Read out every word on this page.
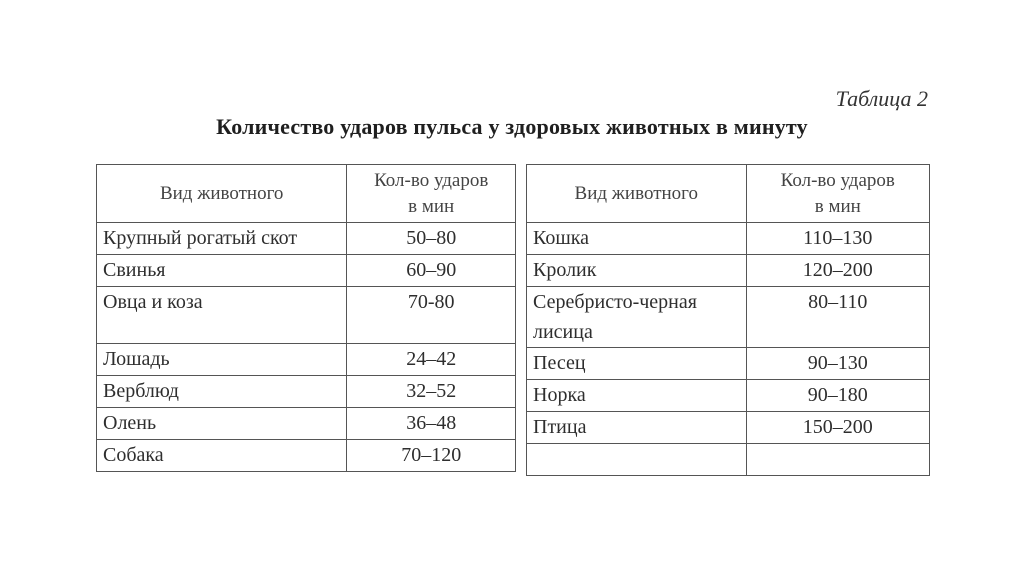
Таблица 2
Количество ударов пульса у здоровых животных в минуту
Вид животного	Кол-во ударов
в мин
Крупный рогатый скот	50–80
Свинья	60–90
Овца и коза	70-80
Лошадь	24–42
Верблюд	32–52
Олень	36–48
Собака	70–120
Вид животного	Кол-во ударов
в мин
Кошка	110–130
Кролик	120–200
Серебристо-черная
лисица	80–110
Песец	90–130
Норка	90–180
Птица	150–200
